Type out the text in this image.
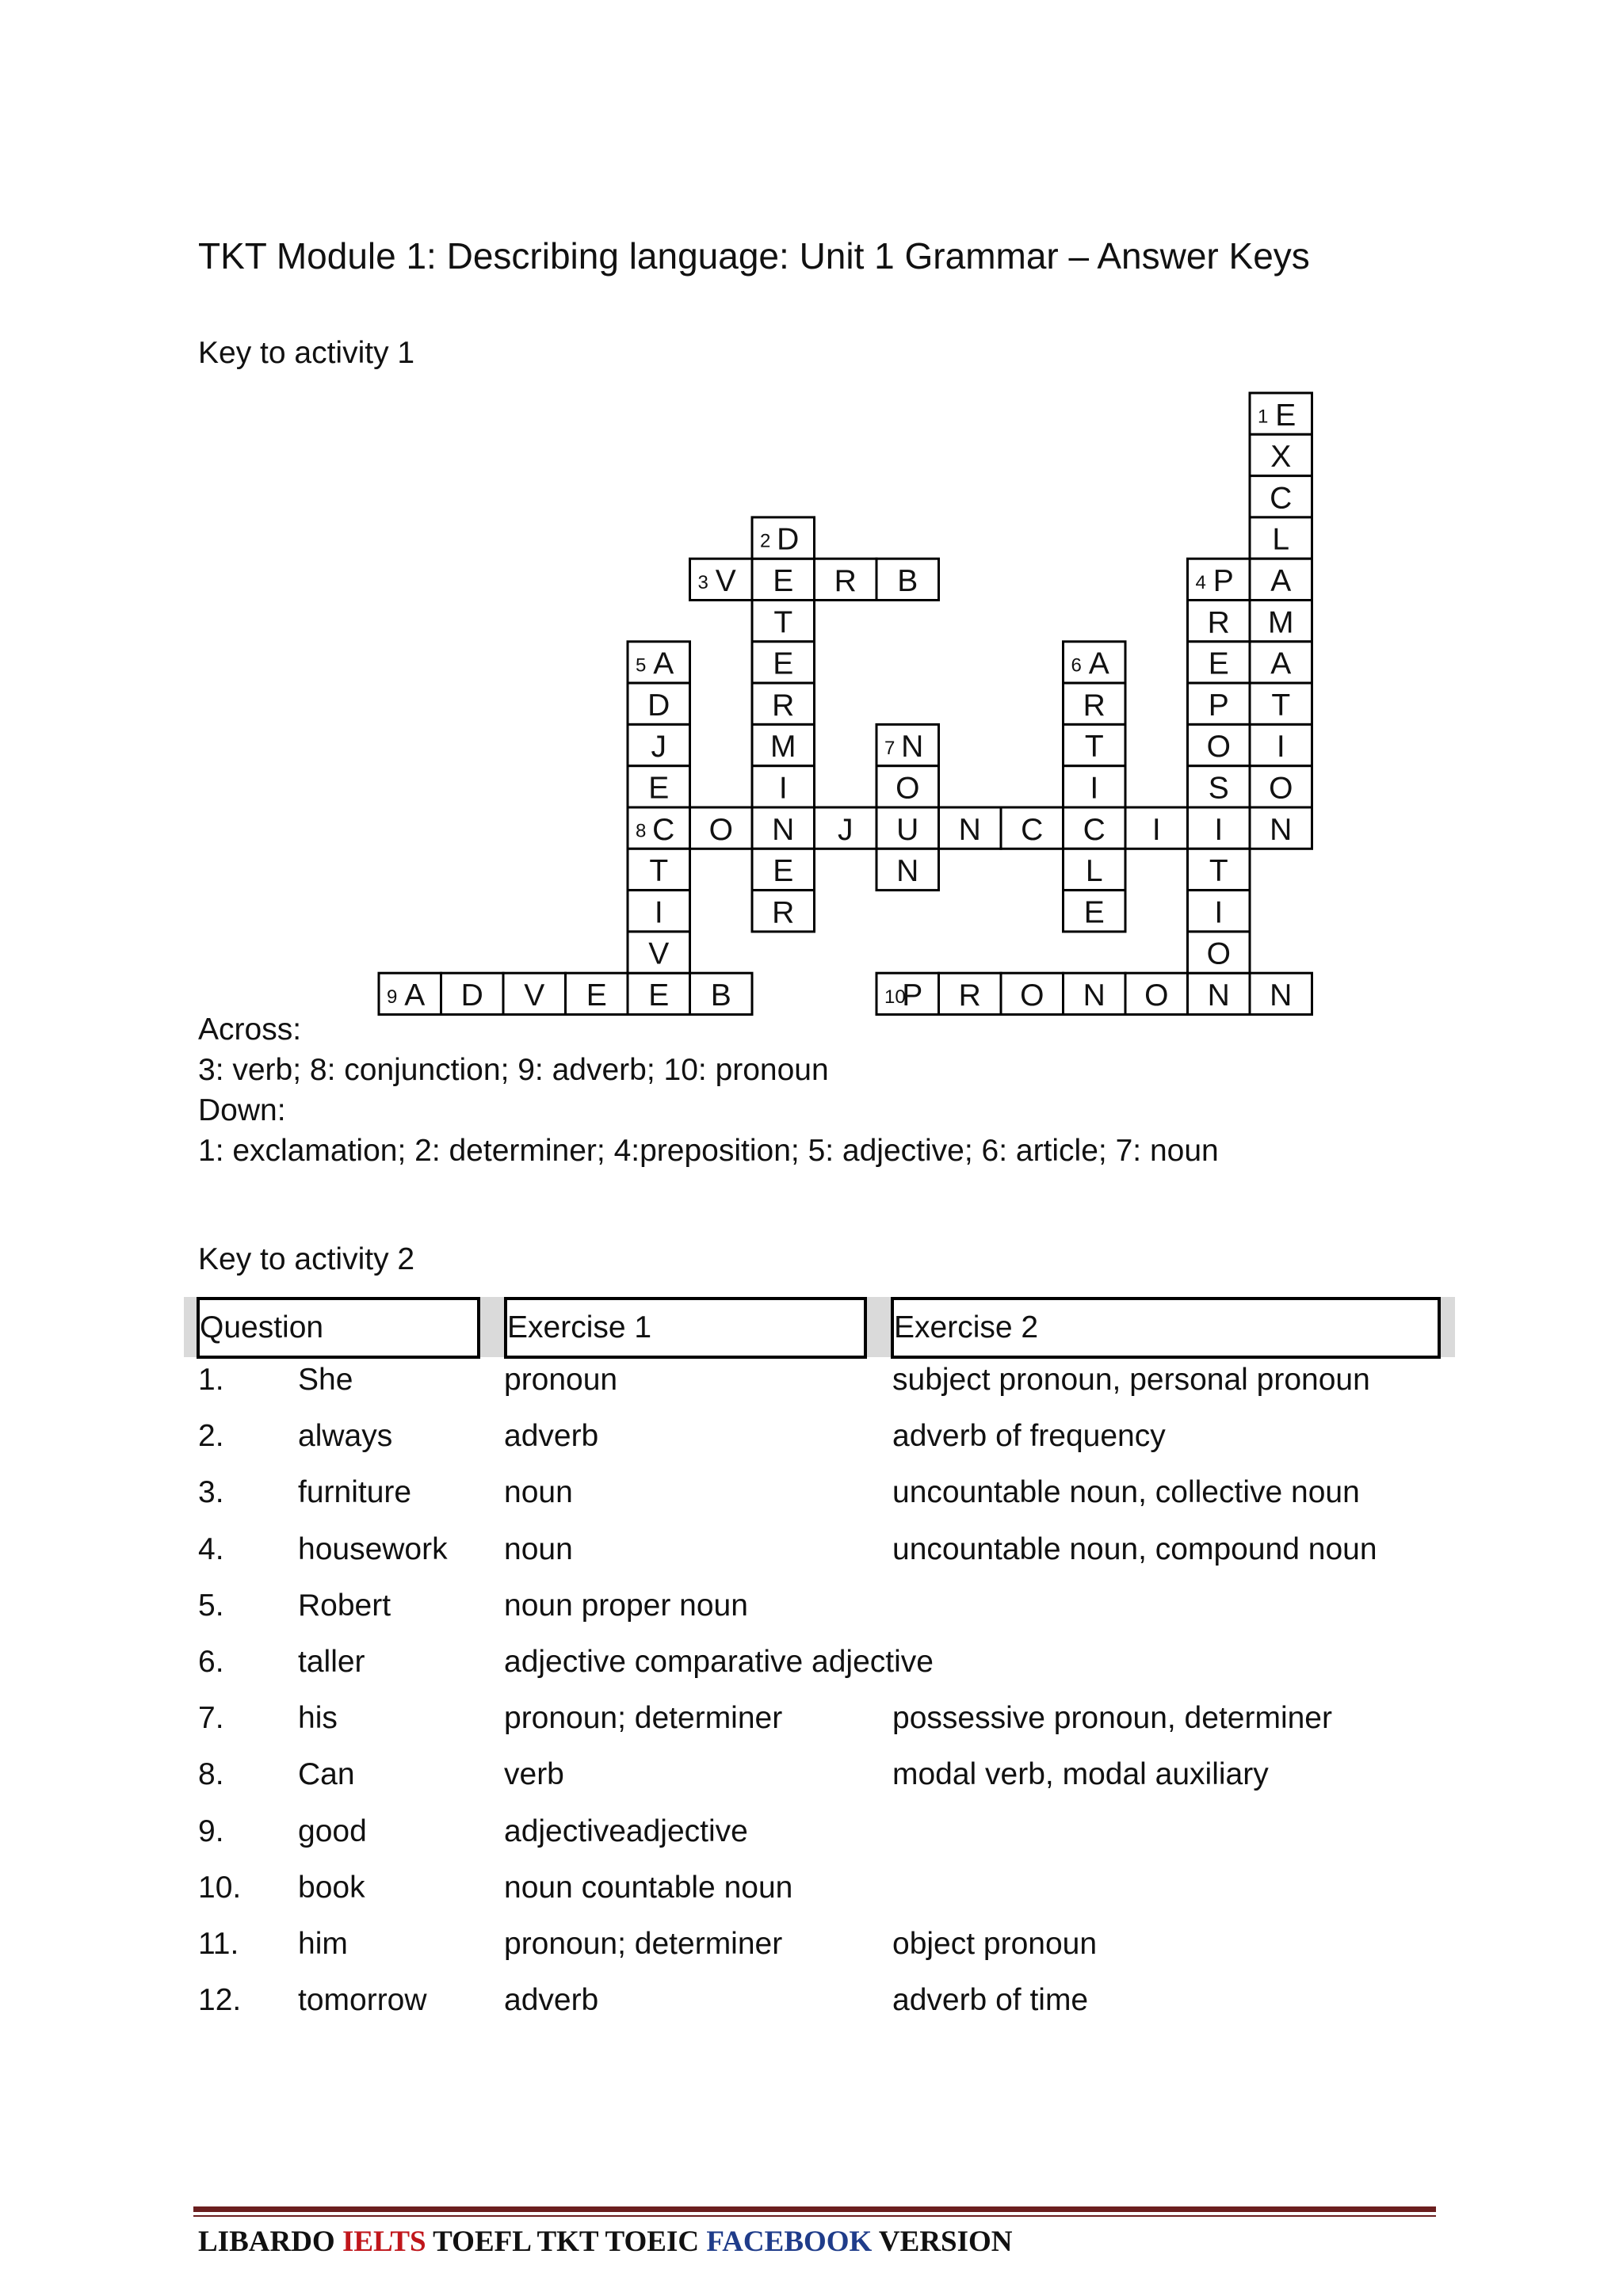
TKT Module 1: Describing language: Unit 1 Grammar – Answer Keys
Key to activity 1
V
3 E R B
C
8 O N J U N C C I I N
A
9 D V E E B	P
10 R O N O N N
E
1
X
C
L
A
M
A
T
I
O
D
2
T
E
R
M
I
E
R
P
4
R
E
P
O
S
T
I
O
A
5
D
J
E
T
I
V
A
6
R
T
I
L
E
N
7
O
N
Across:
3: verb; 8: conjunction; 9: adverb; 10: pronoun
Down:
1: exclamation; 2: determiner; 4:preposition; 5: adjective; 6: article; 7: noun
Key to activity 2
Question	Exercise 1	Exercise 2
1. She	pronoun	subject pronoun, personal pronoun
2. always	adverb	adverb of frequency
3. furniture	noun	uncountable noun, collective noun
4. housework noun	uncountable noun, compound noun
5. Robert	noun proper noun
6. taller	adjective comparative adjective
7. his	pronoun; determiner	possessive pronoun, determiner
8. Can	verb	modal verb, modal auxiliary
9. good	adjectiveadjective
10. book	noun countable noun
11. him	pronoun; determiner	object pronoun
12. tomorrow adverb	adverb of time
LIBARDO IELTS TOEFL TKT TOEIC FACEBOOK VERSION
